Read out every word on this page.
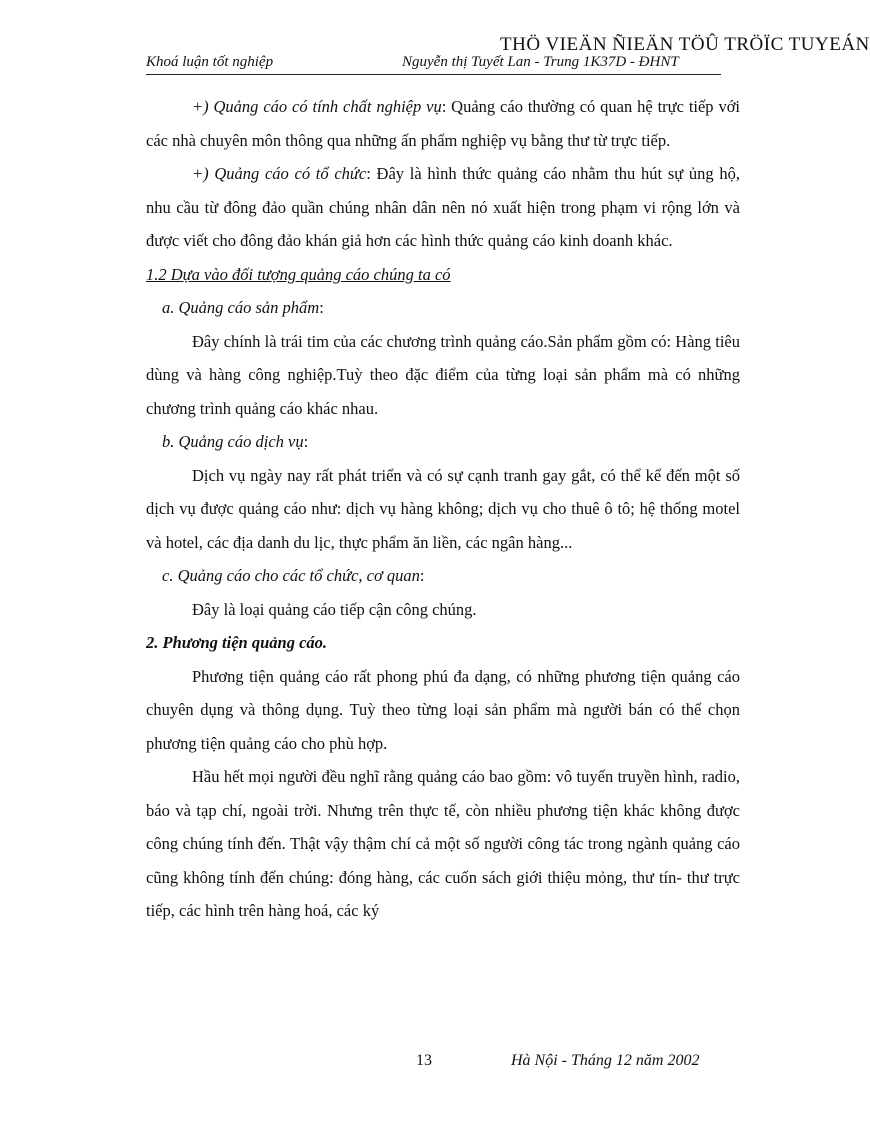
THÖ VIEÄN ÑIEÄN TÖÛ TRÖÏC TUYEÁN
Khoá luận tốt nghiệp	Nguyễn thị Tuyết Lan - Trung 1K37D - ĐHNT

+) Quảng cáo có tính chất nghiệp vụ: Quảng cáo thường có quan hệ trực tiếp với các nhà chuyên môn thông qua những ấn phẩm nghiệp vụ bằng thư từ trực tiếp.

+) Quảng cáo có tổ chức: Đây là hình thức quảng cáo nhằm thu hút sự ủng hộ, nhu cầu từ đông đảo quần chúng nhân dân nên nó xuất hiện trong phạm vi rộng lớn và được viết cho đông đảo khán giả hơn các hình thức quảng cáo kinh doanh khác.

1.2 Dựa vào đối tượng quảng cáo chúng ta có

a. Quảng cáo sản phẩm:

Đây chính là trái tim của các chương trình quảng cáo.Sản phẩm gồm có: Hàng tiêu dùng và hàng công nghiệp.Tuỳ theo đặc điểm của từng loại sản phẩm mà có những chương trình quảng cáo khác nhau.

b. Quảng cáo dịch vụ:

Dịch vụ ngày nay rất phát triển và có sự cạnh tranh gay gắt, có thể kể đến một số dịch vụ được quảng cáo như: dịch vụ hàng không; dịch vụ cho thuê ô tô; hệ thống motel và hotel, các địa danh du lịc, thực phẩm ăn liền, các ngân hàng...

c. Quảng cáo cho các tổ chức, cơ quan:

Đây là loại quảng cáo tiếp cận công chúng.

2. Phương tiện quảng cáo.

Phương tiện quảng cáo rất phong phú đa dạng, có những phương tiện quảng cáo chuyên dụng và thông dụng. Tuỳ theo từng loại sản phẩm mà người bán có thể chọn phương tiện quảng cáo cho phù hợp.

Hầu hết mọi người đều nghĩ rằng quảng cáo bao gồm: vô tuyến truyền hình, radio, báo và tạp chí, ngoài trời. Nhưng trên thực tế, còn nhiều phương tiện khác không được công chúng tính đến. Thật vậy thậm chí cả một số người công tác trong ngành quảng cáo cũng không tính đến chúng: đóng hàng, các cuốn sách giới thiệu mỏng, thư tín- thư trực tiếp, các hình trên hàng hoá, các ký

13	Hà Nội - Tháng 12 năm 2002
